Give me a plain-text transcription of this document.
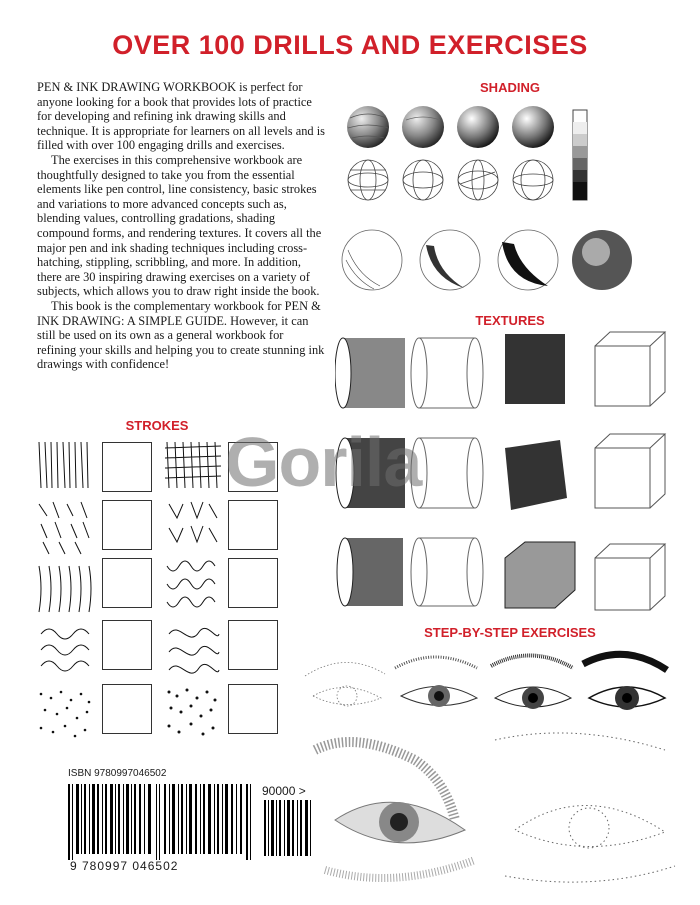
OVER 100 DRILLS AND EXERCISES

PEN & INK DRAWING WORKBOOK is perfect for anyone looking for a book that provides lots of practice for developing and refining ink drawing skills and technique. It is appropriate for learners on all levels and is filled with over 100 engaging drills and exercises.

The exercises in this comprehensive workbook are thoughtfully designed to take you from the essential elements like pen control, line consistency, basic strokes and variations to more advanced concepts such as, blending values, controlling gradations, shading compound forms, and rendering textures. It covers all the major pen and ink shading techniques including cross-hatching, stippling, scribbling, and more. In addition, there are 30 inspiring drawing exercises on a variety of subjects, which allows you to draw right inside the book.

This book is the complementary workbook for PEN & INK DRAWING: A SIMPLE GUIDE. However, it can still be used on its own as a general workbook for refining your skills and helping you to create stunning ink drawings with confidence!

SHADING
TEXTURES
STROKES
STEP-BY-STEP EXERCISES
Gorila
ISBN 9780997046502
90000 >
9 780997 046502
